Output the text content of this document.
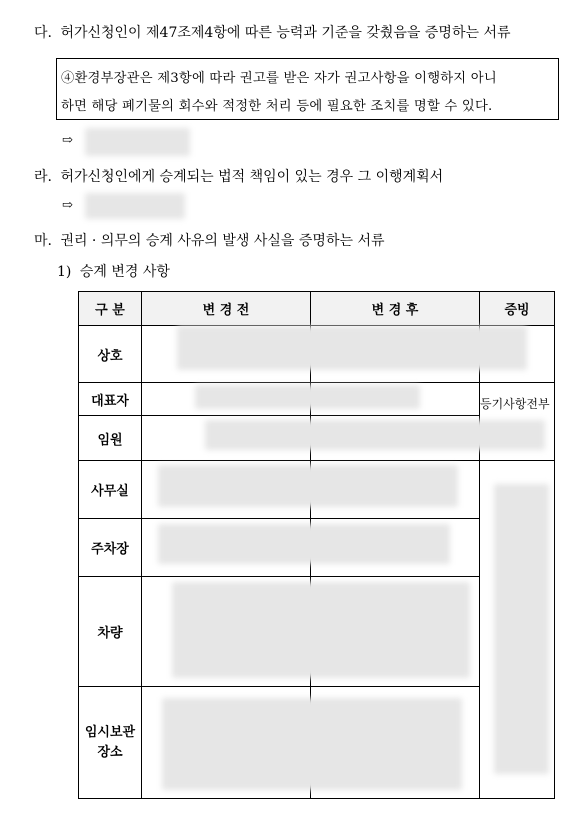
다. 허가신청인이 제47조제4항에 따른 능력과 기준을 갖췄음을 증명하는 서류
④환경부장관은 제3항에 따라 권고를 받은 자가 권고사항을 이행하지 아니
하면 해당 폐기물의 회수와 적정한 처리 등에 필요한 조치를 명할 수 있다.
⇨
라. 허가신청인에게 승계되는 법적 책임이 있는 경우 그 이행계획서
⇨
마. 권리 · 의무의 승계 사유의 발생 사실을 증명하는 서류
1) 승계 변경 사항
구 분	변 경 전	변 경 후	증빙
상호			
대표자			등기사항전부
임원			
사무실			
주차장			
차량			
임시보관
장소			
